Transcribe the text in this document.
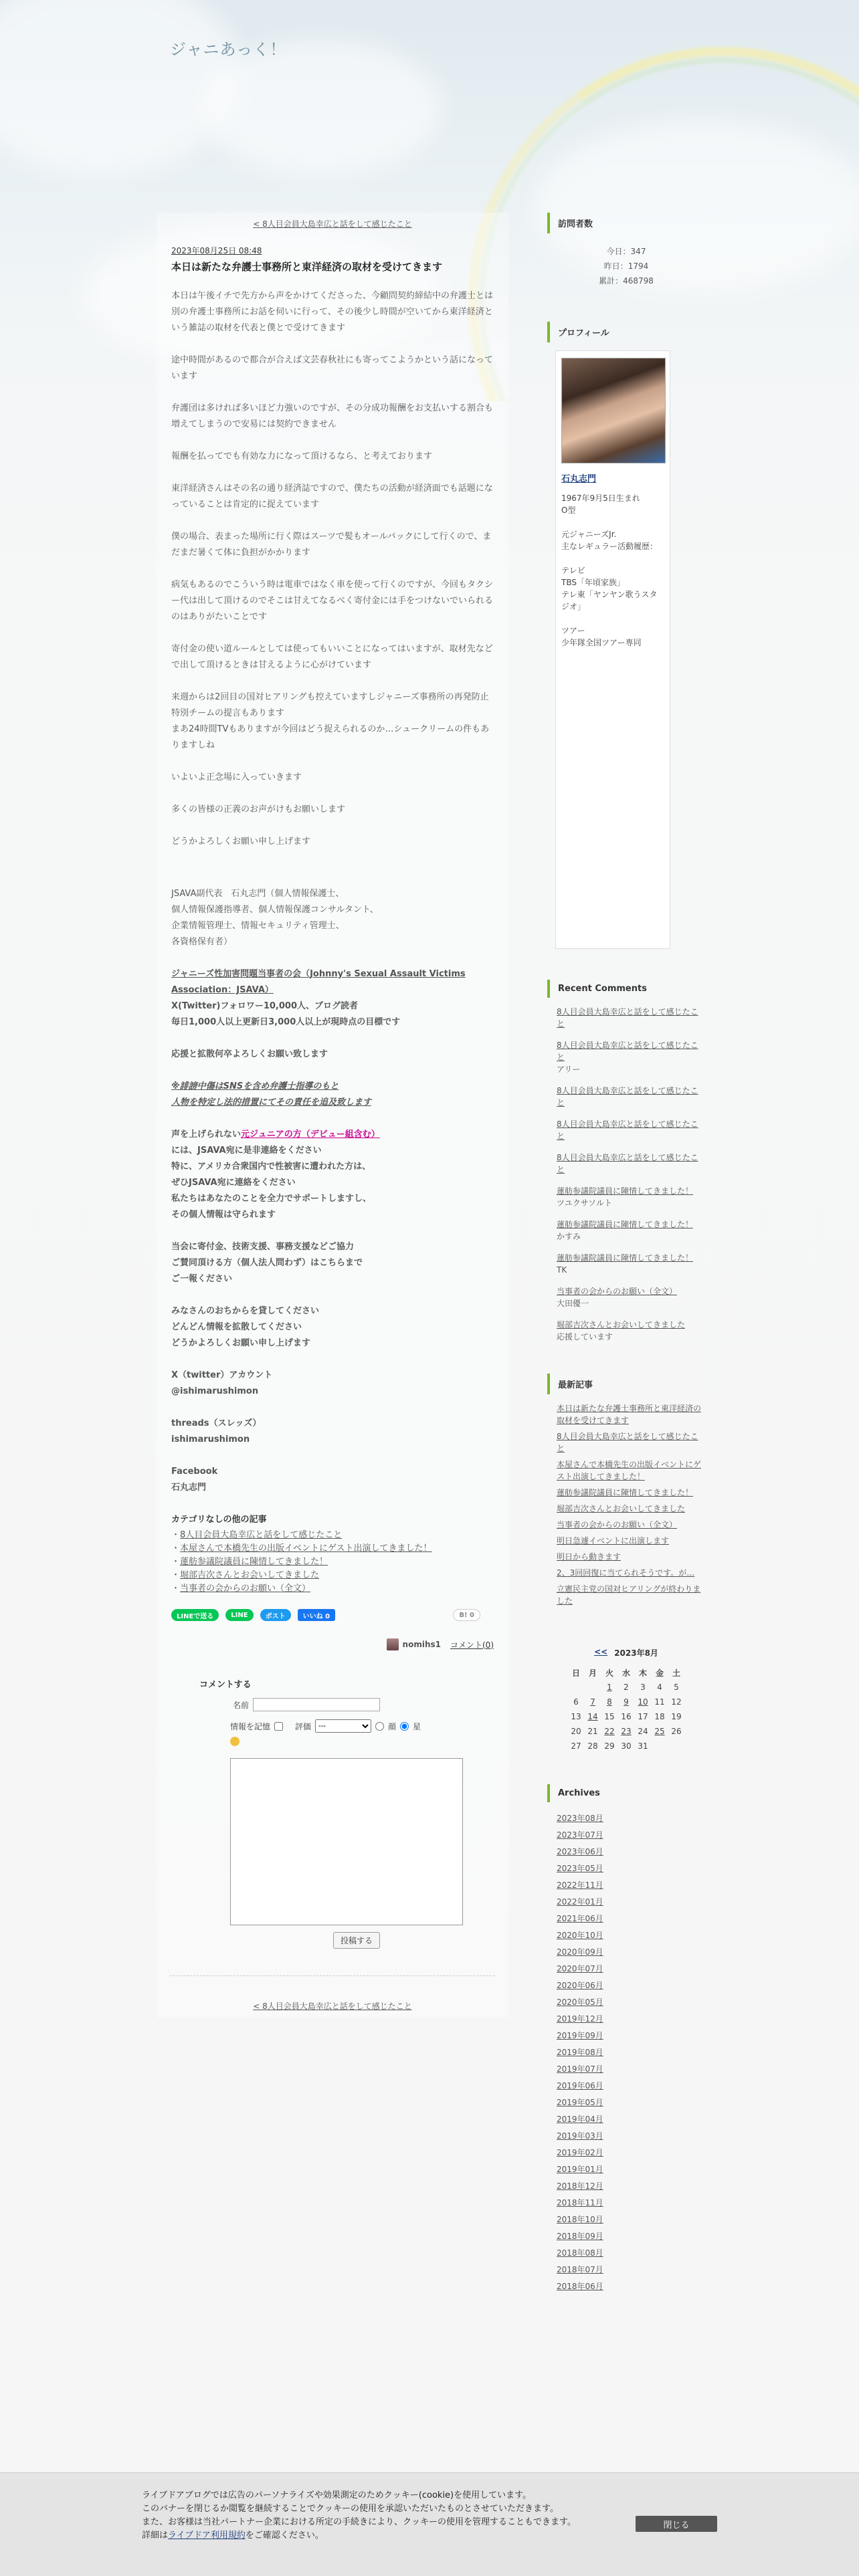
ジャニあっく！
< 8人目会員大島幸広と話をして感じたこと
2023年08月25日 08:48
本日は新たな弁護士事務所と東洋経済の取材を受けてきます

本日は午後イチで先方から声をかけてくださった、今顧問契約締結中の弁護士とは別の弁護士事務所にお話を伺いに行って、その後少し時間が空いてから東洋経済という雑誌の取材を代表と僕とで受けてきます

途中時間があるので都合が合えば文芸春秋社にも寄ってこようかという話になっています

弁護団は多ければ多いほど力強いのですが、その分成功報酬をお支払いする割合も増えてしまうので安易には契約できません

報酬を払ってでも有効な力になって頂けるなら、と考えております

東洋経済さんはその名の通り経済誌ですので、僕たちの活動が経済面でも話題になっていることは肯定的に捉えています

僕の場合、表まった場所に行く際はスーツで髪もオールバックにして行くので、まだまだ暑くて体に負担がかかります

病気もあるのでこういう時は電車ではなく車を使って行くのですが、今回もタクシー代は出して頂けるのでそこは甘えてなるべく寄付金には手をつけないでいられるのはありがたいことです

寄付金の使い道ルールとしては使ってもいいことになってはいますが、取材先などで出して頂けるときは甘えるように心がけています

来週からは2回目の国対ヒアリングも控えていますしジャニーズ事務所の再発防止特別チームの提言もあります
まあ24時間TVもありますが今回はどう捉えられるのか…シュークリームの件もありますしね

いよいよ正念場に入っていきます

多くの皆様の正義のお声がけもお願いします

どうかよろしくお願い申し上げます

JSAVA副代表　石丸志門（個人情報保護士、
個人情報保護指導者、個人情報保護コンサルタント、
企業情報管理士、情報セキュリティ管理士、
各資格保有者）

ジャニーズ性加害問題当事者の会（Johnny's Sexual Assault Victims Association：JSAVA）

X(Twitter)フォロワー10,000人、ブログ読者
毎日1,000人以上更新日3,000人以上が現時点の目標です

応援と拡散何卒よろしくお願い致します

※誹謗中傷はSNSを含め弁護士指導のもと
人物を特定し法的措置にてその責任を追及致します

声を上げられない元ジュニアの方（デビュー組含む）

には、JSAVA宛に是非連絡をください

特に、アメリカ合衆国内で性被害に遭われた方は、

ぜひJSAVA宛に連絡をください

私たちはあなたのことを全力でサポートしますし、
その個人情報は守られます

当会に寄付金、技術支援、事務支援などご協力
ご賛同頂ける方（個人法人問わず）はこちらまで
ご一報ください

みなさんのおちからを貸してください
どんどん情報を拡散してください
どうかよろしくお願い申し上げます

X（twitter）アカウント

@ishimarushimon

threads（スレッズ）

ishimarushimon

Facebook

石丸志門

カテゴリなしの他の記事
・8人目会員大島幸広と話をして感じたこと
・本屋さんで本橋先生の出版イベントにゲスト出演してきました！
・蓮舫参議院議員に陳情してきました！
・堀部吉次さんとお会いしてきました
・当事者の会からのお願い（全文）
LINEで送る	LINE	ポスト	いいね 0	B! 0
nomihs1 コメント(0)
コメントする
名前
情報を記憶	評価
---	顔 星
投稿する
< 8人目会員大島幸広と話をして感じたこと
訪問者数
今日：347
昨日：1794
累計：468798
プロフィール
石丸志門
1967年9月5日生まれ
O型

元ジャニーズJr.
主なレギュラー活動履歴：

テレビ
TBS「年頃家族」
テレ東「ヤンヤン歌うスタジオ」

ツアー
少年隊全国ツアー専同
Recent Comments
8人目会員大島幸広と話をして感じたこと
8人目会員大島幸広と話をして感じたこと
アリー
8人目会員大島幸広と話をして感じたこと
8人目会員大島幸広と話をして感じたこと
8人目会員大島幸広と話をして感じたこと
蓮舫参議院議員に陳情してきました！
ツユクサソルト
蓮舫参議院議員に陳情してきました！
かすみ
蓮舫参議院議員に陳情してきました！
TK
当事者の会からのお願い（全文）
大田優一
堀部吉次さんとお会いしてきました
応援しています
最新記事
本日は新たな弁護士事務所と東洋経済の取材を受けてきます
8人目会員大島幸広と話をして感じたこと
本屋さんで本橋先生の出版イベントにゲスト出演してきました！
蓮舫参議院議員に陳情してきました！
堀部吉次さんとお会いしてきました
当事者の会からのお願い（全文）
明日急遽イベントに出演します
明日から動きます
2、3回回復に当てられそうです。が…
立憲民主党の国対ヒアリングが終わりました
<< 2023年8月
日	月	火	水	木	金	土
		1	2	3	4	5
6	7	8	9	10	11	12
13	14	15	16	17	18	19
20	21	22	23	24	25	26
27	28	29	30	31		
Archives
2023年08月
2023年07月
2023年06月
2023年05月
2022年11月
2022年01月
2021年06月
2020年10月
2020年09月
2020年07月
2020年06月
2020年05月
2019年12月
2019年09月
2019年08月
2019年07月
2019年06月
2019年05月
2019年04月
2019年03月
2019年02月
2019年01月
2018年12月
2018年11月
2018年10月
2018年09月
2018年08月
2018年07月
2018年06月
ライブドアブログでは広告のパーソナライズや効果測定のためクッキー(cookie)を使用しています。
このバナーを閉じるか閲覧を継続することでクッキーの使用を承認いただいたものとさせていただきます。
また、お客様は当社パートナー企業における所定の手続きにより、クッキーの使用を管理することもできます。
詳細はライブドア利用規約をご確認ください。
閉じる
